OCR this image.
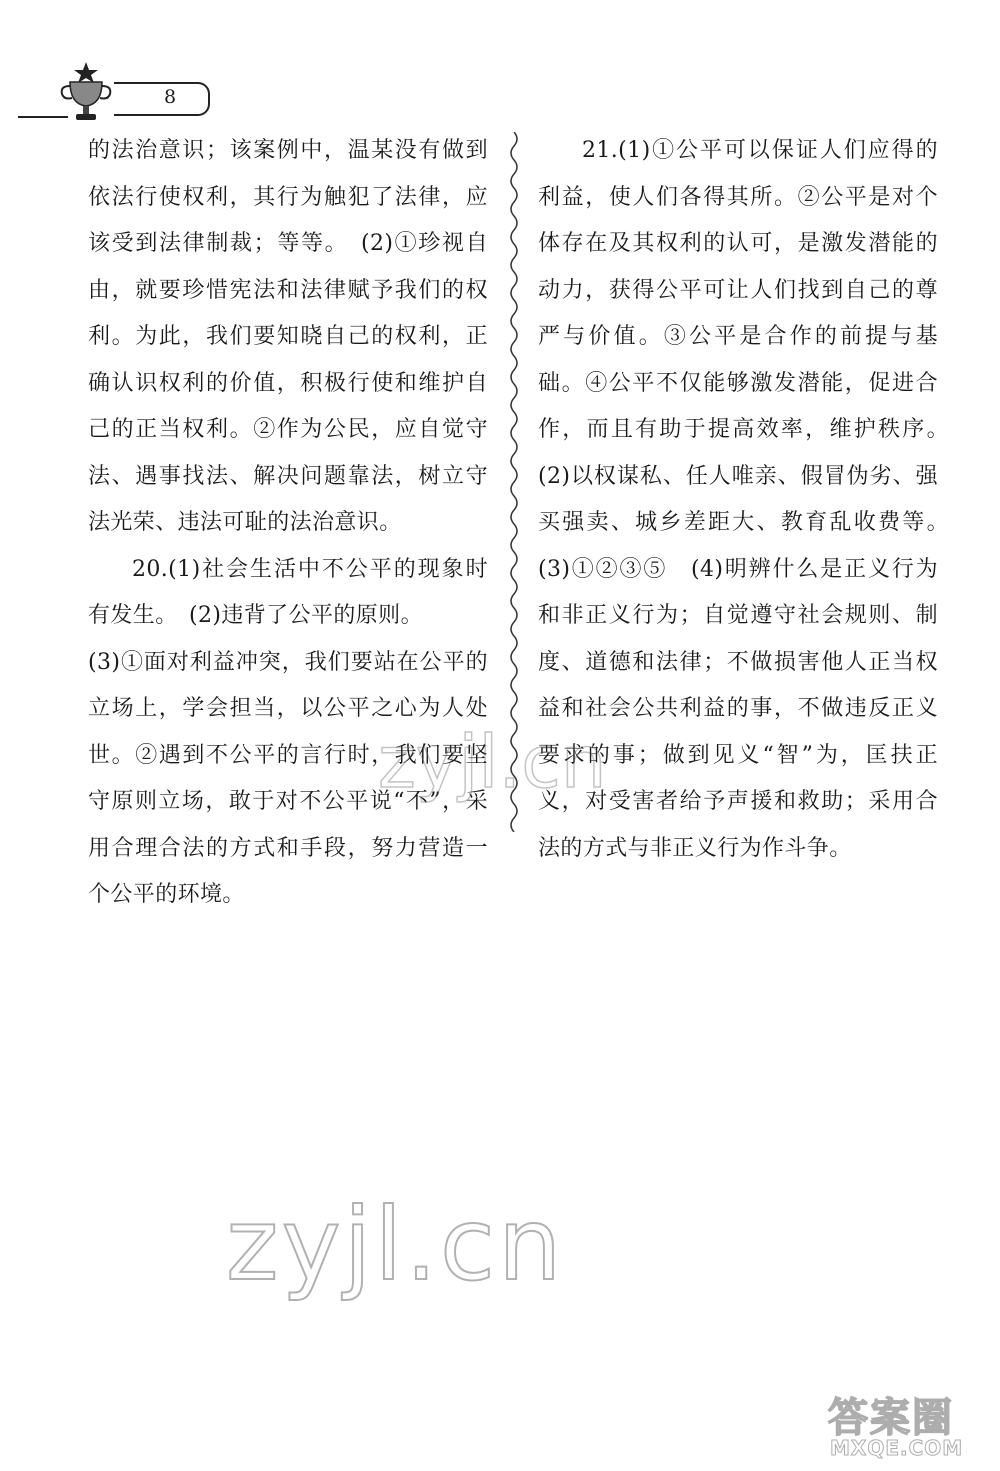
8

的法治意识；该案例中，温某没有做到依法行使权利，其行为触犯了法律，应该受到法律制裁；等等。　(2)①珍视自由，就要珍惜宪法和法律赋予我们的权利。为此，我们要知晓自己的权利，正确认识权利的价值，积极行使和维护自己的正当权利。②作为公民，应自觉守法、遇事找法、解决问题靠法，树立守法光荣、违法可耻的法治意识。

20.(1)社会生活中不公平的现象时有发生。　(2)违背了公平的原则。

(3)①面对利益冲突，我们要站在公平的立场上，学会担当，以公平之心为人处世。②遇到不公平的言行时，我们要坚守原则立场，敢于对不公平说“不”，采用合理合法的方式和手段，努力营造一个公平的环境。

21.(1)①公平可以保证人们应得的利益，使人们各得其所。②公平是对个体存在及其权利的认可，是激发潜能的动力，获得公平可让人们找到自己的尊严与价值。③公平是合作的前提与基础。④公平不仅能够激发潜能，促进合作，而且有助于提高效率，维护秩序。　(2)以权谋私、任人唯亲、假冒伪劣、强买强卖、城乡差距大、教育乱收费等。　(3)①②③⑤　(4)明辨什么是正义行为和非正义行为；自觉遵守社会规则、制度、道德和法律；不做损害他人正当权益和社会公共利益的事，不做违反正义要求的事；做到见义“智”为，匡扶正义，对受害者给予声援和救助；采用合法的方式与非正义行为作斗争。

zyjl.cn
zyjl.cn
答案圈
MXQE.COM
